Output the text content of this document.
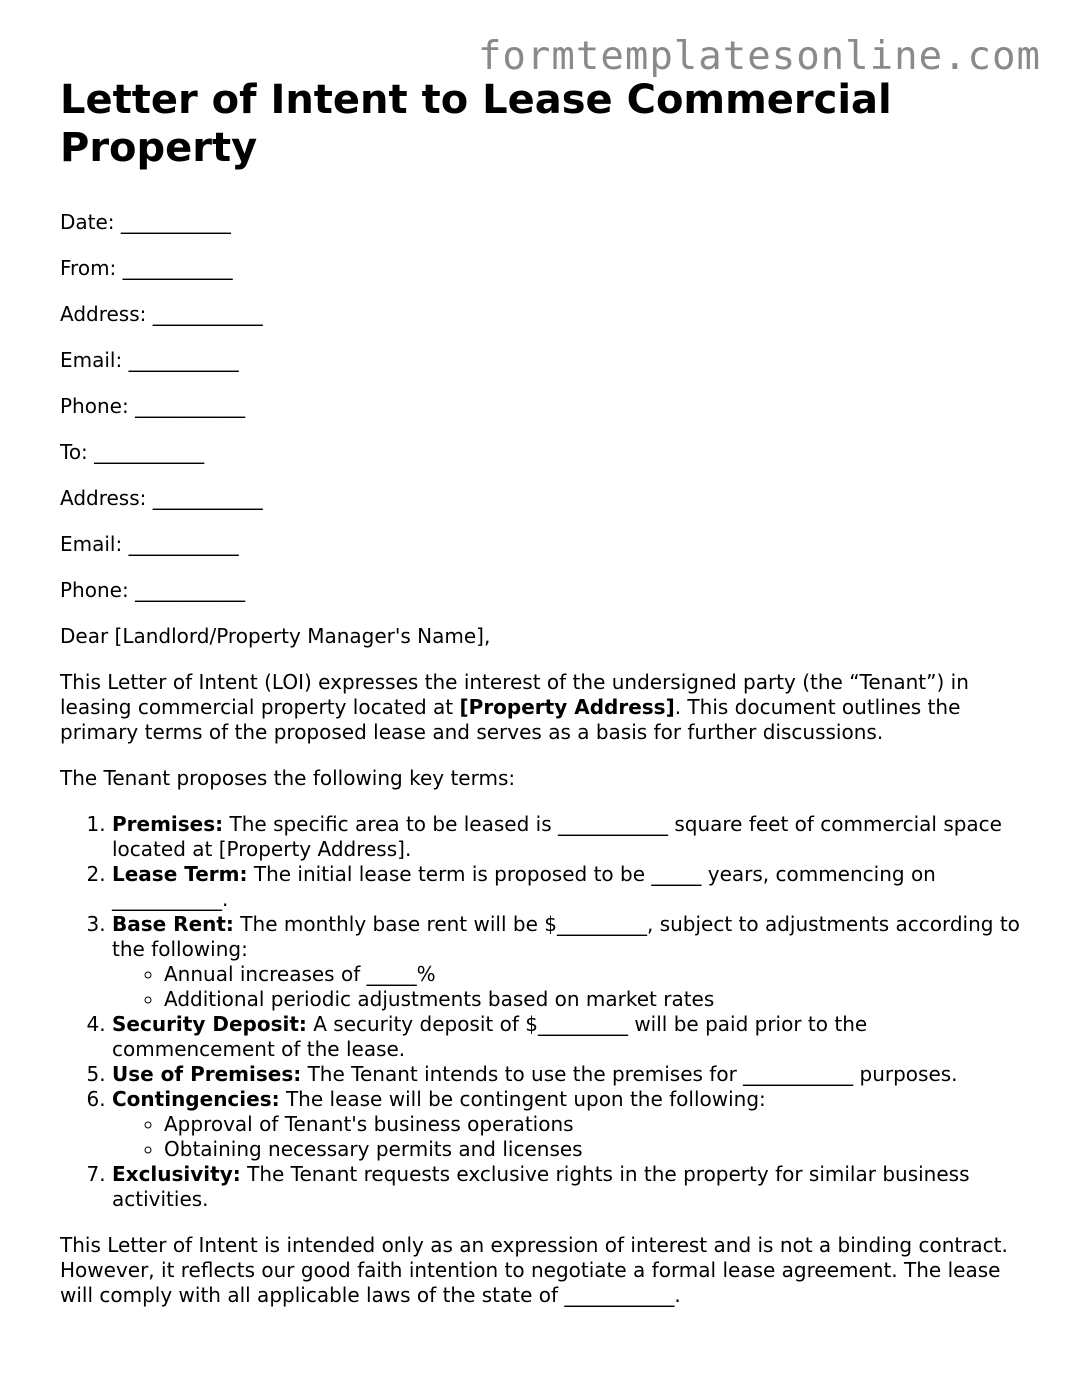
formtemplatesonline.com
Letter of Intent to Lease Commercial Property

Date: ___________

From: ___________

Address: ___________

Email: ___________

Phone: ___________

To: ___________

Address: ___________

Email: ___________

Phone: ___________

Dear [Landlord/Property Manager's Name],

This Letter of Intent (LOI) expresses the interest of the undersigned party (the “Tenant”) in leasing commercial property located at [Property Address]. This document outlines the primary terms of the proposed lease and serves as a basis for further discussions.

The Tenant proposes the following key terms:

1. Premises: The specific area to be leased is ___________ square feet of commercial space located at [Property Address].
2. Lease Term: The initial lease term is proposed to be _____ years, commencing on ___________.
3. Base Rent: The monthly base rent will be $_________, subject to adjustments according to the following:
◦ Annual increases of _____%
◦ Additional periodic adjustments based on market rates
4. Security Deposit: A security deposit of $_________ will be paid prior to the commencement of the lease.
5. Use of Premises: The Tenant intends to use the premises for ___________ purposes.
6. Contingencies: The lease will be contingent upon the following:
◦ Approval of Tenant's business operations
◦ Obtaining necessary permits and licenses
7. Exclusivity: The Tenant requests exclusive rights in the property for similar business activities.

This Letter of Intent is intended only as an expression of interest and is not a binding contract. However, it reflects our good faith intention to negotiate a formal lease agreement. The lease will comply with all applicable laws of the state of ___________.
